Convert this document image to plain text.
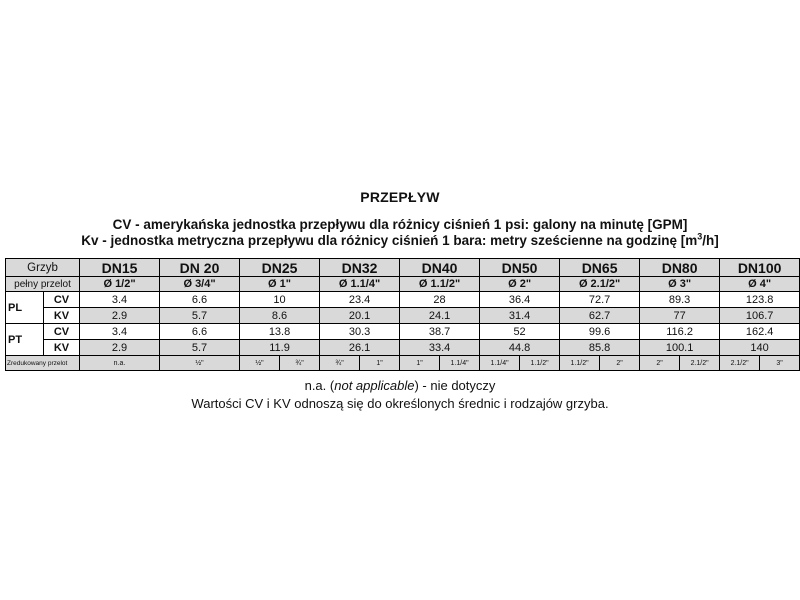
PRZEPŁYW
CV - amerykańska jednostka przepływu dla różnicy ciśnień 1 psi: galony na minutę [GPM]
Kv - jednostka metryczna przepływu dla różnicy ciśnień 1 bara: metry sześcienne na godzinę $[m^3/h]$
Grzyb		DN15	DN 20	DN25		DN32		DN40		DN50		DN65		DN80		DN100	
pełny przelot		Ø 1/2"	Ø 3/4"	Ø 1"		Ø 1.1/4"		Ø 1.1/2"		Ø 2"		Ø 2.1/2"		Ø 3"		Ø 4"	
PL	CV	3.4	6.6	10		23.4		28		36.4		72.7		89.3		123.8	
	KV	2.9	5.7	8.6		20.1		24.1		31.4		62.7		77		106.7	
PT	CV	3.4	6.6	13.8		30.3		38.7		52		99.6		116.2		162.4	
	KV	2.9	5.7	11.9		26.1		33.4		44.8		85.8		100.1		140	
Zredukowany przelot		n.a.	½"	½"	¾"	¾"	1"	1"	1.1/4"	1.1/4"	1.1/2"	1.1/2"	2"	2"	2.1/2"	2.1/2"	3"
n.a. (not applicable) - nie dotyczy
Wartości CV i KV odnoszą się do określonych średnic i rodzajów grzyba.
